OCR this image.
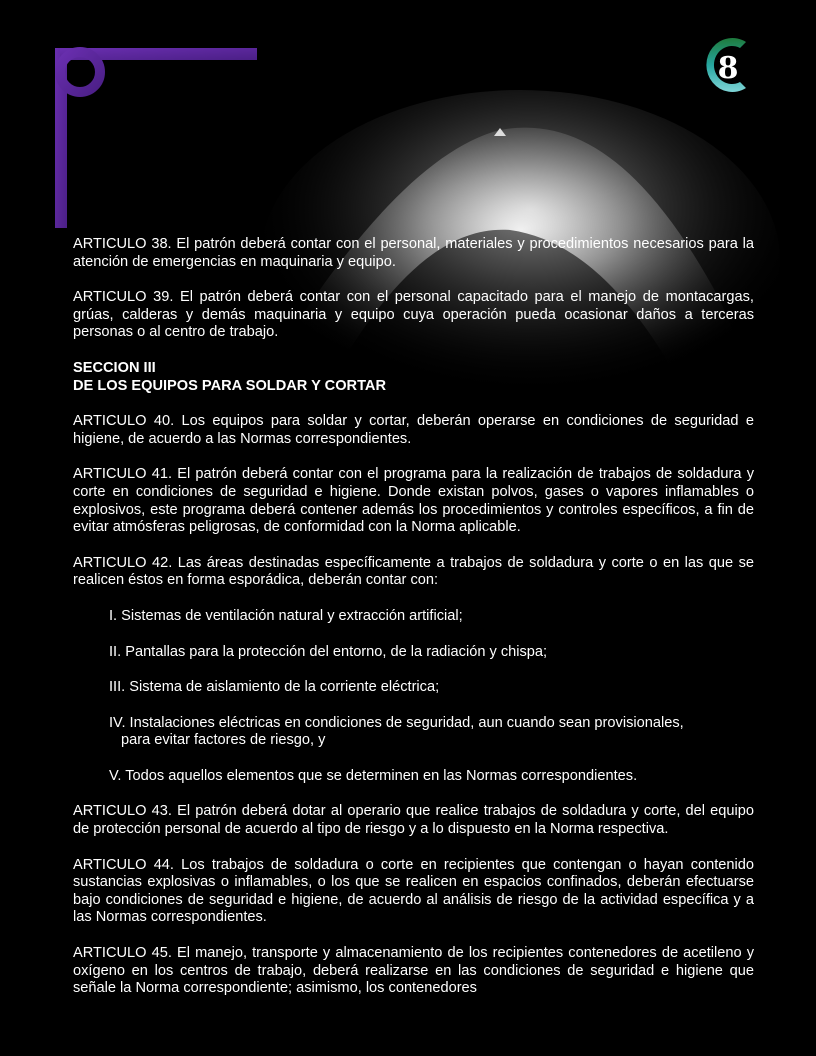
8

ARTICULO 38. El patrón deberá contar con el personal, materiales y procedimientos necesarios para la atención de emergencias en maquinaria y equipo.

ARTICULO 39. El patrón deberá contar con el personal capacitado para el manejo de montacargas, grúas, calderas y demás maquinaria y equipo cuya operación pueda ocasionar daños a terceras personas o al centro de trabajo.

SECCION III
DE LOS EQUIPOS PARA SOLDAR Y CORTAR

ARTICULO 40. Los equipos para soldar y cortar, deberán operarse en condiciones de seguridad e higiene, de acuerdo a las Normas correspondientes.

ARTICULO 41. El patrón deberá contar con el programa para la realización de trabajos de soldadura y corte en condiciones de seguridad e higiene. Donde existan polvos, gases o vapores inflamables o explosivos, este programa deberá contener además los procedimientos y controles específicos, a fin de evitar atmósferas peligrosas, de conformidad con la Norma aplicable.

ARTICULO 42. Las áreas destinadas específicamente a trabajos de soldadura y corte o en las que se realicen éstos en forma esporádica, deberán contar con:

I. Sistemas de ventilación natural y extracción artificial;
II. Pantallas para la protección del entorno, de la radiación y chispa;
III. Sistema de aislamiento de la corriente eléctrica;
IV. Instalaciones eléctricas en condiciones de seguridad, aun cuando sean provisionales,
para evitar factores de riesgo, y
V. Todos aquellos elementos que se determinen en las Normas correspondientes.

ARTICULO 43. El patrón deberá dotar al operario que realice trabajos de soldadura y corte, del equipo de protección personal de acuerdo al tipo de riesgo y a lo dispuesto en la Norma respectiva.

ARTICULO 44. Los trabajos de soldadura o corte en recipientes que contengan o hayan contenido sustancias explosivas o inflamables, o los que se realicen en espacios confinados, deberán efectuarse bajo condiciones de seguridad e higiene, de acuerdo al análisis de riesgo de la actividad específica y a las Normas correspondientes.

ARTICULO 45. El manejo, transporte y almacenamiento de los recipientes contenedores de acetileno y oxígeno en los centros de trabajo, deberá realizarse en las condiciones de seguridad e higiene que señale la Norma correspondiente; asimismo, los contenedores
